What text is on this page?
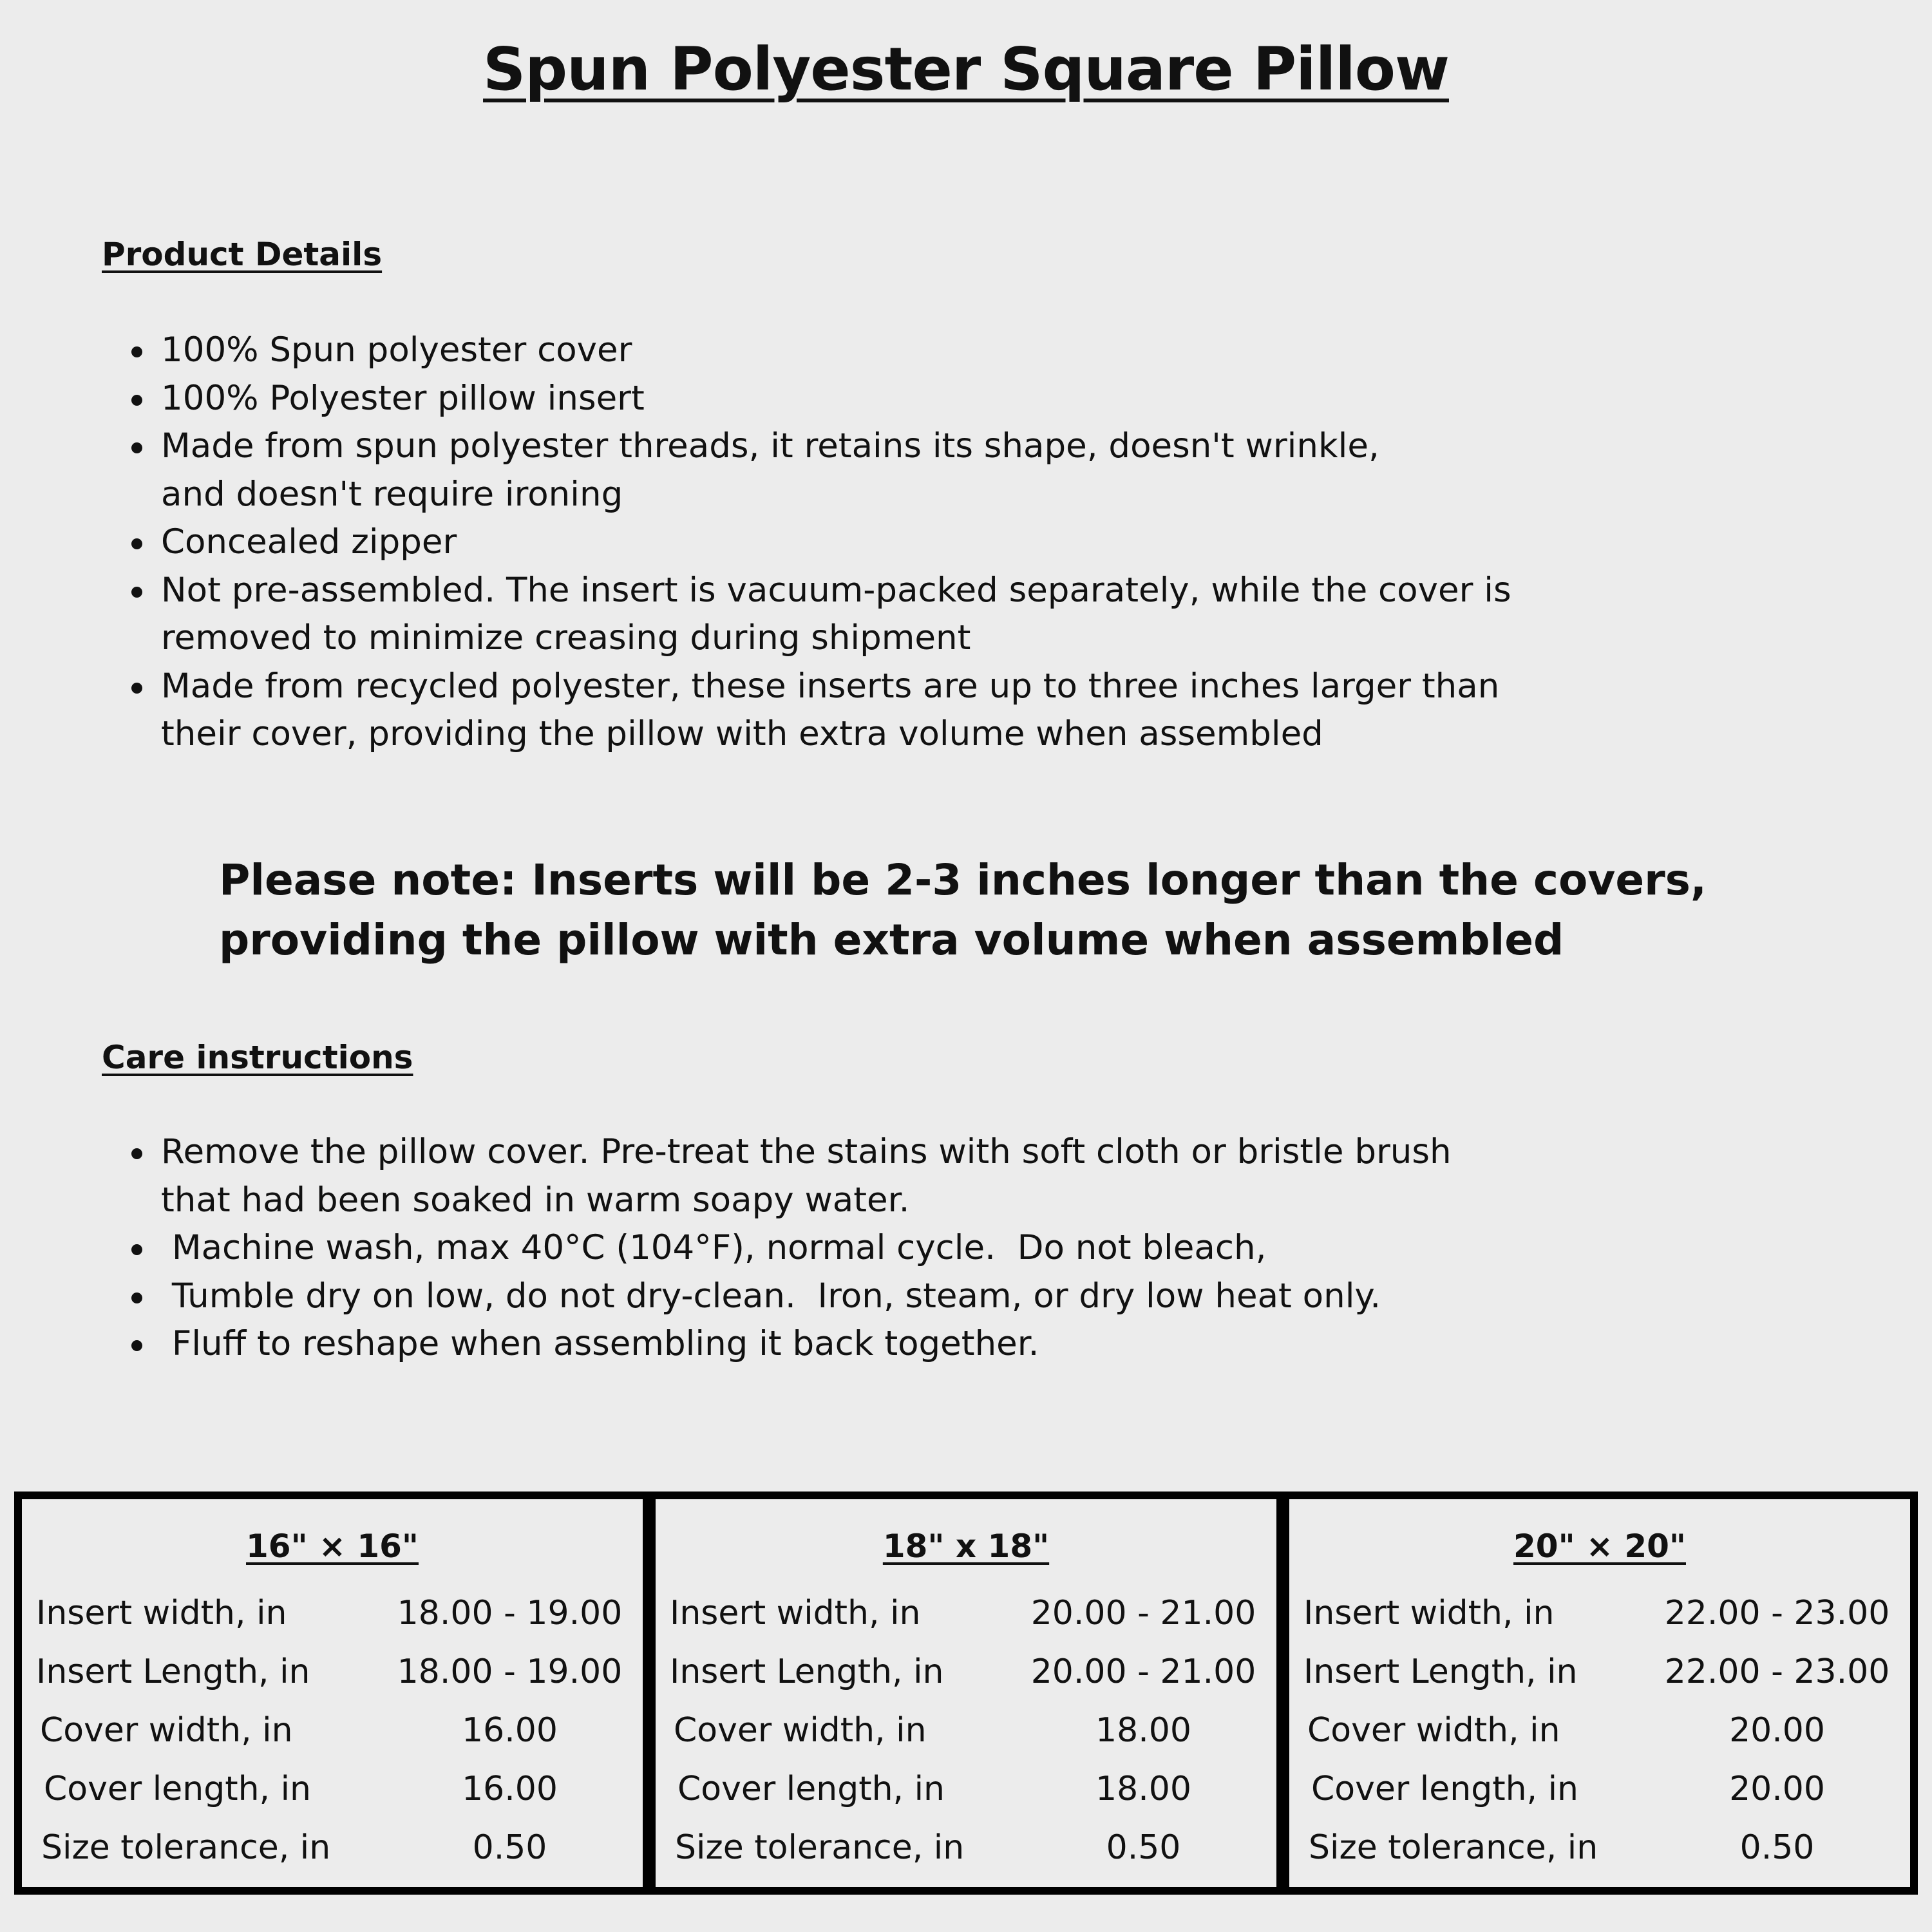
Spun Polyester Square Pillow
Product Details
100% Spun polyester cover
100% Polyester pillow insert
Made from spun polyester threads, it retains its shape, doesn't wrinkle, and doesn't require ironing
Concealed zipper
Not pre-assembled. The insert is vacuum-packed separately, while the cover is removed to minimize creasing during shipment
Made from recycled polyester, these inserts are up to three inches larger than their cover, providing the pillow with extra volume when assembled
Please note: Inserts will be 2-3 inches longer than the covers, providing the pillow with extra volume when assembled
Care instructions
Remove the pillow cover. Pre-treat the stains with soft cloth or bristle brush that had been soaked in warm soapy water.
Machine wash, max 40°C (104°F), normal cycle.  Do not bleach,
Tumble dry on low, do not dry-clean.  Iron, steam, or dry low heat only.
Fluff to reshape when assembling it back together.
16" × 16"
Insert width, in	18.00 - 19.00
Insert Length, in	18.00 - 19.00
Cover width, in	16.00
Cover length, in	16.00
Size tolerance, in	0.50
18" x 18"
Insert width, in	20.00 - 21.00
Insert Length, in	20.00 - 21.00
Cover width, in	18.00
Cover length, in	18.00
Size tolerance, in	0.50
20" × 20"
Insert width, in	22.00 - 23.00
Insert Length, in	22.00 - 23.00
Cover width, in	20.00
Cover length, in	20.00
Size tolerance, in	0.50
